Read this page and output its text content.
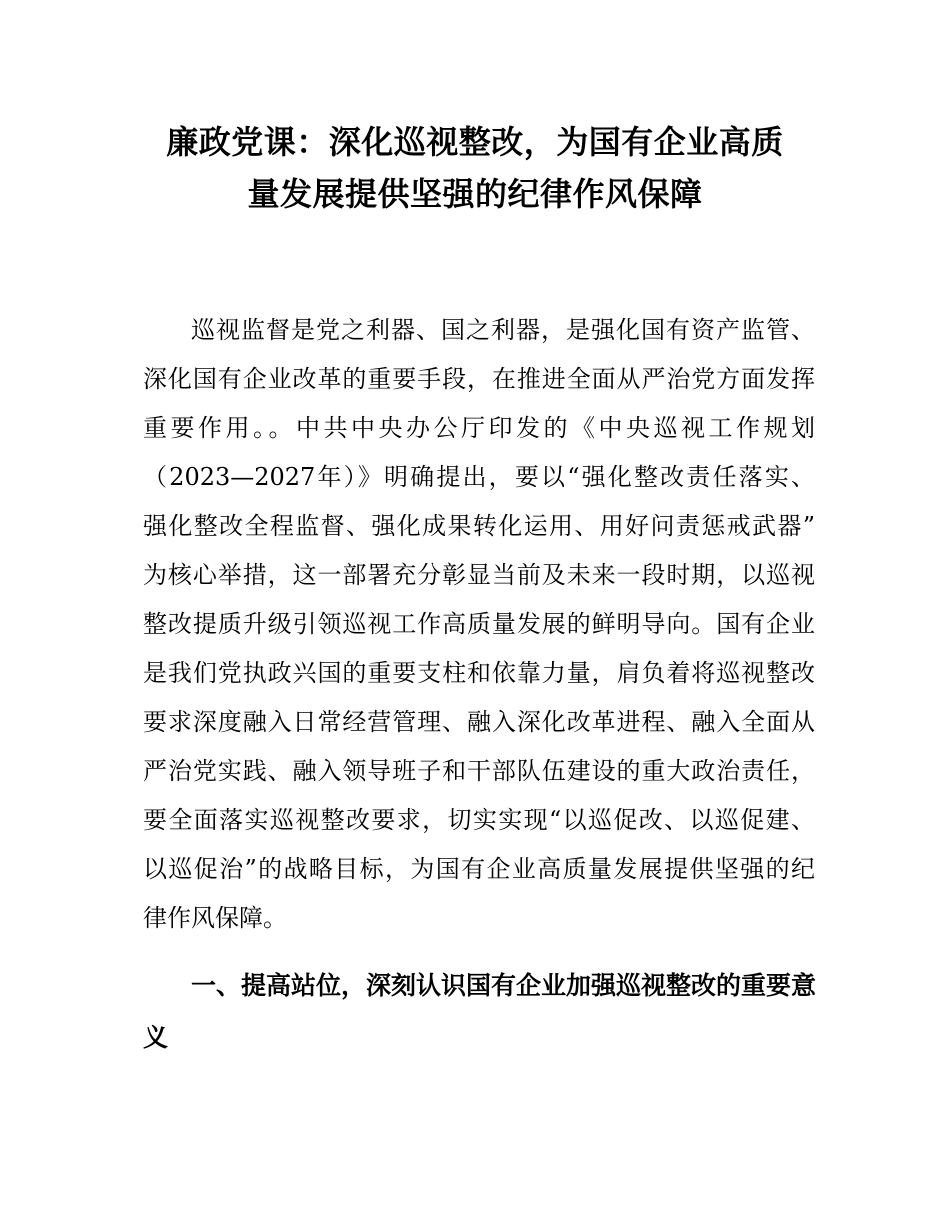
廉政党课：深化巡视整改，为国有企业高质
量发展提供坚强的纪律作风保障

巡视监督是党之利器、国之利器，是强化国有资产监管、
深化国有企业改革的重要手段，在推进全面从严治党方面发挥
重要作用。。中共中央办公厅印发的《中央巡视工作规划
（2023—2027年）》明确提出，要以“强化整改责任落实、
强化整改全程监督、强化成果转化运用、用好问责惩戒武器”
为核心举措，这一部署充分彰显当前及未来一段时期，以巡视
整改提质升级引领巡视工作高质量发展的鲜明导向。国有企业
是我们党执政兴国的重要支柱和依靠力量，肩负着将巡视整改
要求深度融入日常经营管理、融入深化改革进程、融入全面从
严治党实践、融入领导班子和干部队伍建设的重大政治责任，
要全面落实巡视整改要求，切实实现“以巡促改、以巡促建、
以巡促治”的战略目标，为国有企业高质量发展提供坚强的纪
律作风保障。

一、提高站位，深刻认识国有企业加强巡视整改的重要意
义
